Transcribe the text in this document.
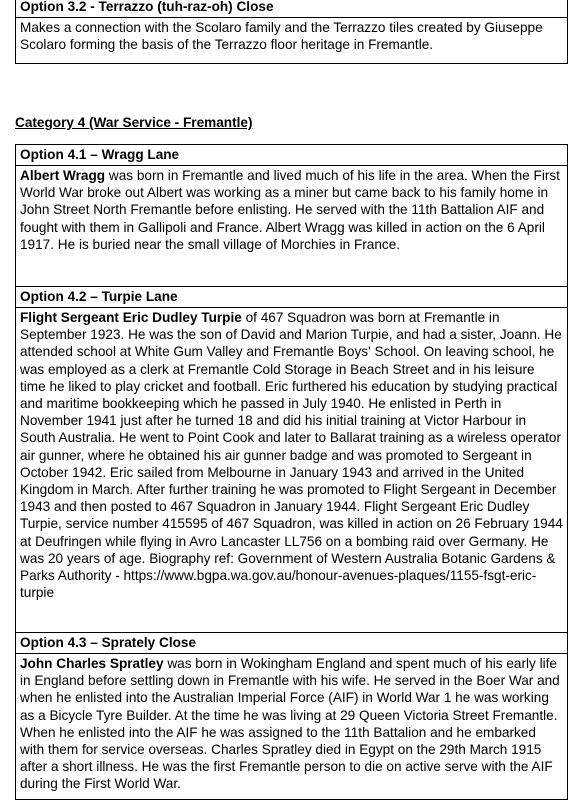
Option 3.2 - Terrazzo (tuh-raz-oh) Close
Makes a connection with the Scolaro family and the Terrazzo tiles created by Giuseppe Scolaro forming the basis of the Terrazzo floor heritage in Fremantle.
Category 4 (War Service - Fremantle)
Option 4.1 – Wragg Lane
Albert Wragg was born in Fremantle and lived much of his life in the area. When the First World War broke out Albert was working as a miner but came back to his family home in John Street North Fremantle before enlisting. He served with the 11th Battalion AIF and fought with them in Gallipoli and France. Albert Wragg was killed in action on the 6 April 1917. He is buried near the small village of Morchies in France.
Option 4.2 – Turpie Lane
Flight Sergeant Eric Dudley Turpie of 467 Squadron was born at Fremantle in September 1923. He was the son of David and Marion Turpie, and had a sister, Joann. He attended school at White Gum Valley and Fremantle Boys' School. On leaving school, he was employed as a clerk at Fremantle Cold Storage in Beach Street and in his leisure time he liked to play cricket and football. Eric furthered his education by studying practical and maritime bookkeeping which he passed in July 1940. He enlisted in Perth in November 1941 just after he turned 18 and did his initial training at Victor Harbour in South Australia. He went to Point Cook and later to Ballarat training as a wireless operator air gunner, where he obtained his air gunner badge and was promoted to Sergeant in October 1942. Eric sailed from Melbourne in January 1943 and arrived in the United Kingdom in March. After further training he was promoted to Flight Sergeant in December 1943 and then posted to 467 Squadron in January 1944. Flight Sergeant Eric Dudley Turpie, service number 415595 of 467 Squadron, was killed in action on 26 February 1944 at Deufringen while flying in Avro Lancaster LL756 on a bombing raid over Germany. He was 20 years of age. Biography ref: Government of Western Australia Botanic Gardens & Parks Authority - https://www.bgpa.wa.gov.au/honour-avenues-plaques/1155-fsgt-eric-turpie
Option 4.3 – Sprately Close
John Charles Spratley was born in Wokingham England and spent much of his early life in England before settling down in Fremantle with his wife. He served in the Boer War and when he enlisted into the Australian Imperial Force (AIF) in World War 1 he was working as a Bicycle Tyre Builder. At the time he was living at 29 Queen Victoria Street Fremantle. When he enlisted into the AIF he was assigned to the 11th Battalion and he embarked with them for service overseas. Charles Spratley died in Egypt on the 29th March 1915 after a short illness. He was the first Fremantle person to die on active serve with the AIF during the First World War.
